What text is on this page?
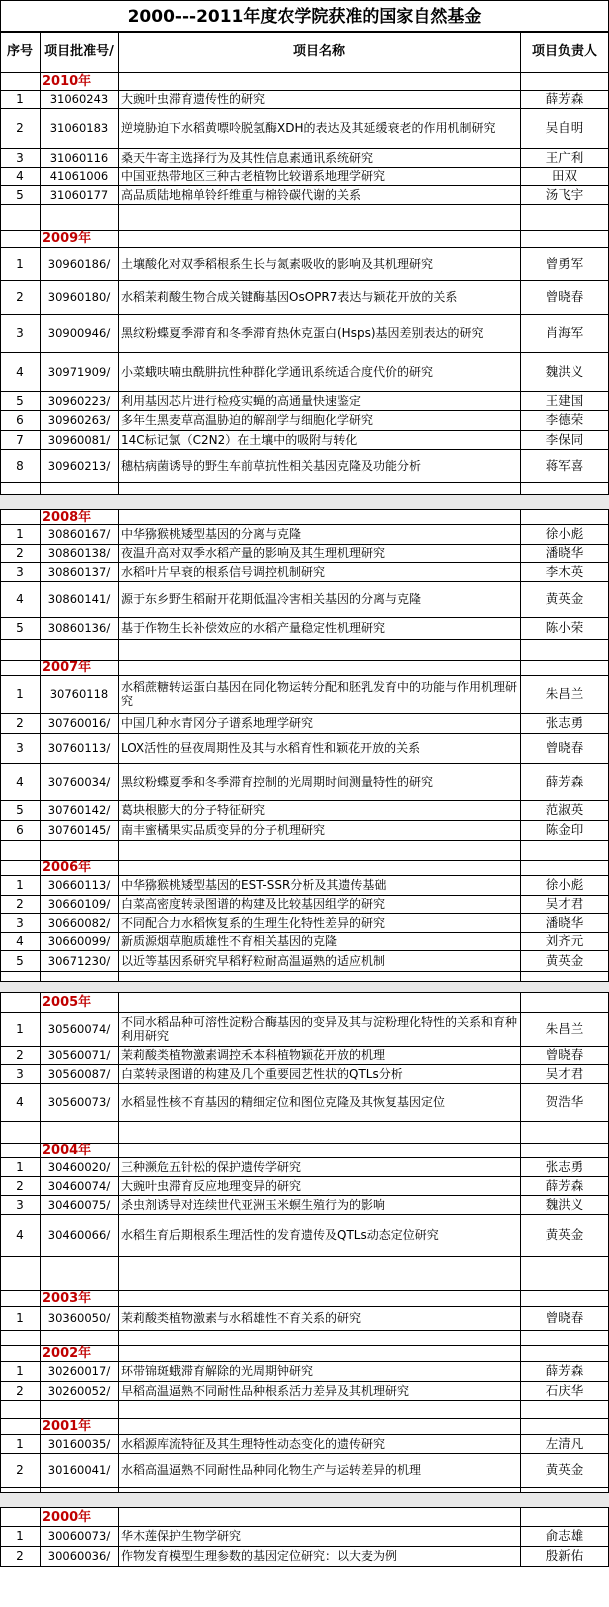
2000---2011年度农学院获准的国家自然基金
序号 项目批准号/	项目名称	项目负责人
2010年
1	31060243	大豌叶虫滞育遗传性的研究	薛芳森
2	31060183	逆境胁迫下水稻黄嘌呤脱氢酶XDH的表达及其延缓衰老的作用机制研究	吴自明
3	31060116	桑天牛寄主选择行为及其性信息素通讯系统研究	王广利
4	41061006	中国亚热带地区三种古老植物比较谱系地理学研究	田双
5	31060177	高品质陆地棉单铃纤维重与棉铃碳代谢的关系	汤飞宇
2009年
1	30960186/ 土壤酸化对双季稻根系生长与氮素吸收的影响及其机理研究	曾勇军
2	30960180/ 水稻茉莉酸生物合成关键酶基因OsOPR7表达与颖花开放的关系	曾晓春
3	30900946/ 黑纹粉蝶夏季滞育和冬季滞育热休克蛋白(Hsps)基因差别表达的研究	肖海军
4	30971909/ 小菜蛾呋喃虫酰肼抗性种群化学通讯系统适合度代价的研究	魏洪义
5	30960223/ 利用基因芯片进行检疫实蝇的高通量快速鉴定	王建国
6	30960263/ 多年生黑麦草高温胁迫的解剖学与细胞化学研究	李德荣
7	30960081/ 14C标记氯（C2N2）在土壤中的吸附与转化	李保同
8	30960213/ 穗枯病菌诱导的野生车前草抗性相关基因克隆及功能分析	蒋军喜
2008年
1	30860167/ 中华猕猴桃矮型基因的分离与克隆	徐小彪
2	30860138/ 夜温升高对双季水稻产量的影响及其生理机理研究	潘晓华
3	30860137/ 水稻叶片早衰的根系信号调控机制研究	李木英
4	30860141/ 源于东乡野生稻耐开花期低温冷害相关基因的分离与克隆	黄英金
5	30860136/ 基于作物生长补偿效应的水稻产量稳定性机理研究	陈小荣
2007年
1	30760118	水稻蔗糖转运蛋白基因在同化物运转分配和胚乳发育中的功能与作用机理研究	朱昌兰
2	30760016/ 中国几种水青冈分子谱系地理学研究	张志勇
3	30760113/ LOX活性的昼夜周期性及其与水稻育性和颖花开放的关系	曾晓春
4	30760034/ 黑纹粉蝶夏季和冬季滞育控制的光周期时间测量特性的研究	薛芳森
5	30760142/ 葛块根膨大的分子特征研究	范淑英
6	30760145/ 南丰蜜橘果实品质变异的分子机理研究	陈金印
2006年
1	30660113/ 中华猕猴桃矮型基因的EST-SSR分析及其遗传基础	徐小彪
2	30660109/ 白菜高密度转录图谱的构建及比较基因组学的研究	吴才君
3	30660082/ 不同配合力水稻恢复系的生理生化特性差异的研究	潘晓华
4	30660099/ 新质源烟草胞质雄性不育相关基因的克隆	刘齐元
5	30671230/ 以近等基因系研究早稻籽粒耐高温逼熟的适应机制	黄英金
2005年
1	30560074/ 不同水稻品种可溶性淀粉合酶基因的变异及其与淀粉理化特性的关系和育种利用研究	朱昌兰
2	30560071/ 茉莉酸类植物激素调控禾本科植物颖花开放的机理	曾晓春
3	30560087/ 白菜转录图谱的构建及几个重要园艺性状的QTLs分析	吴才君
4	30560073/ 水稻显性核不育基因的精细定位和图位克隆及其恢复基因定位	贺浩华
2004年
1	30460020/ 三种濒危五针松的保护遗传学研究	张志勇
2	30460074/ 大豌叶虫滞育反应地理变异的研究	薛芳森
3	30460075/ 杀虫剂诱导对连续世代亚洲玉米螟生殖行为的影响	魏洪义
4	30460066/ 水稻生育后期根系生理活性的发育遗传及QTLs动态定位研究	黄英金
2003年
1	30360050/ 茉莉酸类植物激素与水稻雄性不育关系的研究	曾晓春
2002年
1	30260017/ 环带锦斑蛾滞育解除的光周期钟研究	薛芳森
2	30260052/ 早稻高温逼熟不同耐性品种根系活力差异及其机理研究	石庆华
2001年
1	30160035/ 水稻源库流特征及其生理特性动态变化的遗传研究	左清凡
2	30160041/ 水稻高温逼熟不同耐性品种同化物生产与运转差异的机理	黄英金
2000年
1	30060073/ 华木莲保护生物学研究	俞志雄
2	30060036/ 作物发育模型生理参数的基因定位研究：以大麦为例	殷新佑
